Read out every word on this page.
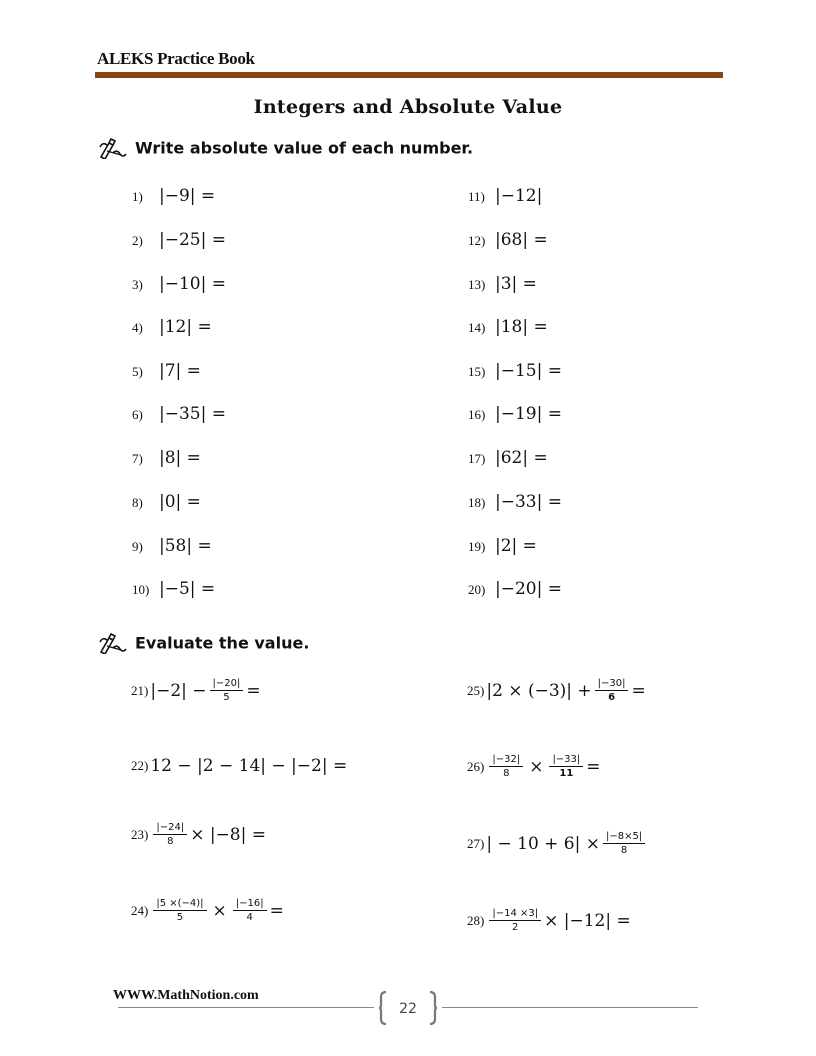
ALEKS Practice Book
Integers and Absolute Value
Write absolute value of each number.
1) |−9| =
2) |−25| =
3) |−10| =
4) |12| =
5) |7| =
6) |−35| =
7) |8| =
8) |0| =
9) |58| =
10) |−5| =
11) |−12|
12) |68| =
13) |3| =
14) |18| =
15) |−15| =
16) |−19| =
17) |62| =
18) |−33| =
19) |2| =
20) |−20| =
Evaluate the value.
21) $|-2| - \frac{|-20|}{5}$ =
22) 12 − |2 − 14| − |−2| =
$23) \frac{|-24|}{8} \times |-8|$ =
$24) \frac{|5 \times(-4)|}{5} \times \frac{|-16|}{4}$ =
25) $|2 \times (-3)| + \frac{|-30|}{6}$ =
$26) \frac{|-32|}{8} \times \frac{|-33|}{11}$ =
27) | − $10 + 6| \times \frac{|-8\times 5|}{8}$
$28) \frac{|-14 \times 3|}{2} \times |-12|$ =
WWW.MathNotion.com
22
